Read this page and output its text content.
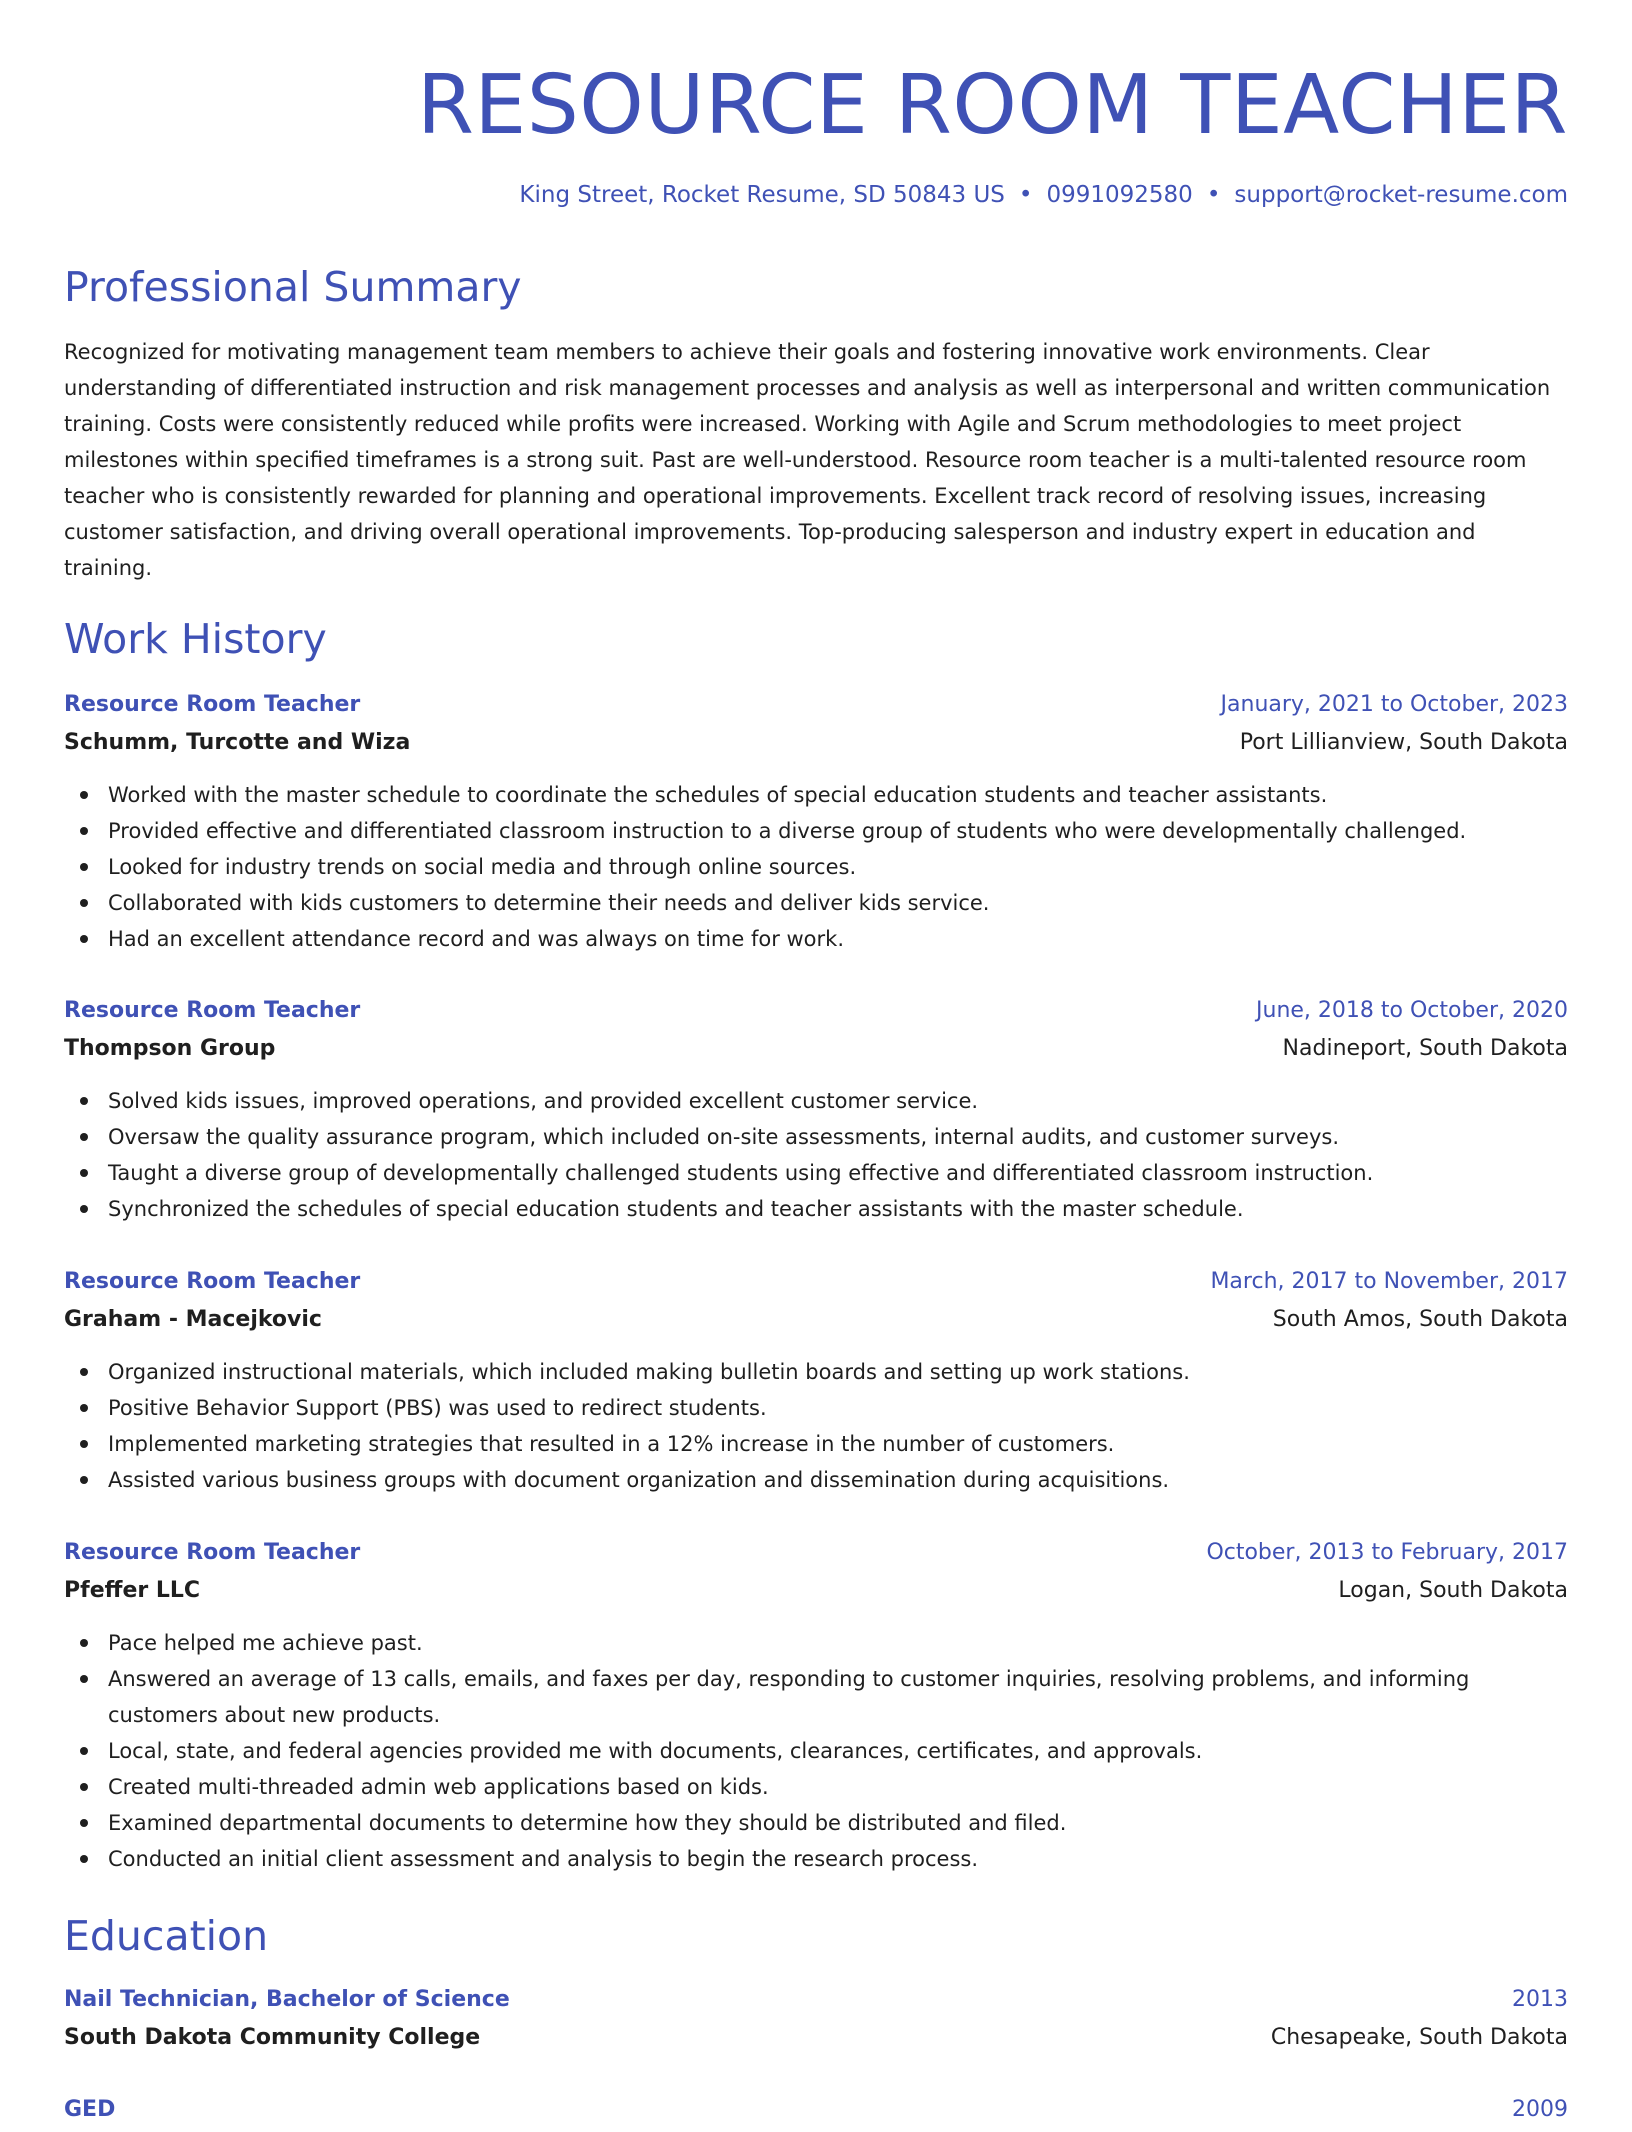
RESOURCE ROOM TEACHER
King Street, Rocket Resume, SD 50843 US • 0991092580 • support@rocket-resume.com
Professional Summary

Recognized for motivating management team members to achieve their goals and fostering innovative work environments. Clear understanding of differentiated instruction and risk management processes and analysis as well as interpersonal and written communication training. Costs were consistently reduced while profits were increased. Working with Agile and Scrum methodologies to meet project milestones within specified timeframes is a strong suit. Past are well-understood. Resource room teacher is a multi-talented resource room teacher who is consistently rewarded for planning and operational improvements. Excellent track record of resolving issues, increasing customer satisfaction, and driving overall operational improvements. Top-producing salesperson and industry expert in education and training.

Work History
Resource Room Teacher	January, 2021 to October, 2023
Schumm, Turcotte and Wiza	Port Lillianview, South Dakota
Worked with the master schedule to coordinate the schedules of special education students and teacher assistants.
Provided effective and differentiated classroom instruction to a diverse group of students who were developmentally challenged.
Looked for industry trends on social media and through online sources.
Collaborated with kids customers to determine their needs and deliver kids service.
Had an excellent attendance record and was always on time for work.
Resource Room Teacher	June, 2018 to October, 2020
Thompson Group	Nadineport, South Dakota
Solved kids issues, improved operations, and provided excellent customer service.
Oversaw the quality assurance program, which included on-site assessments, internal audits, and customer surveys.
Taught a diverse group of developmentally challenged students using effective and differentiated classroom instruction.
Synchronized the schedules of special education students and teacher assistants with the master schedule.
Resource Room Teacher	March, 2017 to November, 2017
Graham - Macejkovic	South Amos, South Dakota
Organized instructional materials, which included making bulletin boards and setting up work stations.
Positive Behavior Support (PBS) was used to redirect students.
Implemented marketing strategies that resulted in a 12% increase in the number of customers.
Assisted various business groups with document organization and dissemination during acquisitions.
Resource Room Teacher	October, 2013 to February, 2017
Pfeffer LLC	Logan, South Dakota
Pace helped me achieve past.
Answered an average of 13 calls, emails, and faxes per day, responding to customer inquiries, resolving problems, and informing customers about new products.
Local, state, and federal agencies provided me with documents, clearances, certificates, and approvals.
Created multi-threaded admin web applications based on kids.
Examined departmental documents to determine how they should be distributed and filed.
Conducted an initial client assessment and analysis to begin the research process.
Education
Nail Technician, Bachelor of Science	2013
South Dakota Community College	Chesapeake, South Dakota
GED	2009
